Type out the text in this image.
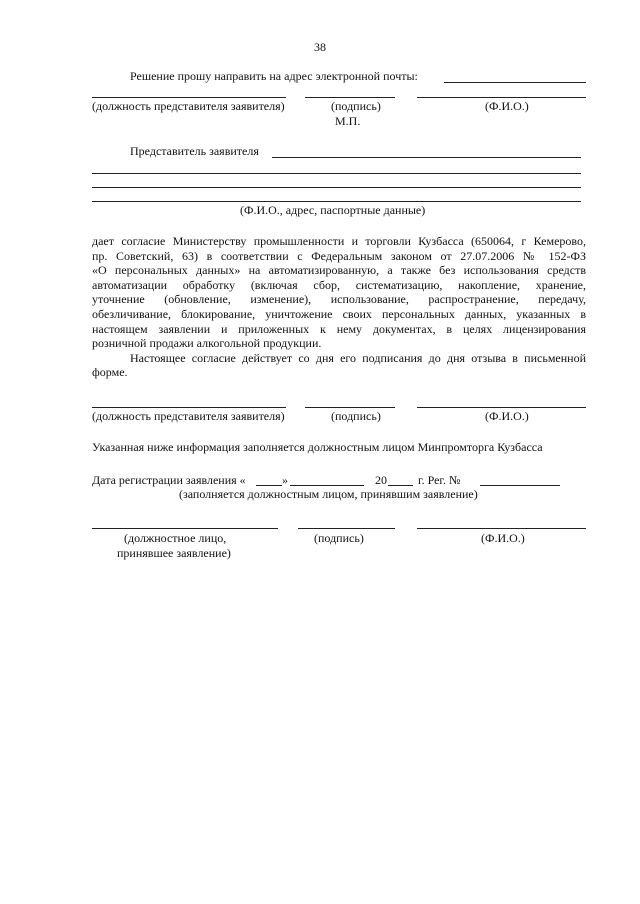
38
Решение прошу направить на адрес электронной почты:
(должность представителя заявителя)	(подпись)	(Ф.И.О.)
М.П.
Представитель заявителя
(Ф.И.О., адрес, паспортные данные)
дает согласие Министерству промышленности и торговли Кузбасса (650064, г Кемерово,
пр. Советский, 63) в соответствии с Федеральным законом от 27.07.2006 № 152-ФЗ
«О персональных данных» на автоматизированную, а также без использования средств
автоматизации обработку (включая сбор, систематизацию, накопление, хранение,
уточнение (обновление, изменение), использование, распространение, передачу,
обезличивание, блокирование, уничтожение своих персональных данных, указанных в
настоящем заявлении и приложенных к нему документах, в целях лицензирования
розничной продажи алкогольной продукции.
Настоящее согласие действует со дня его подписания до дня отзыва в письменной
форме.
(должность представителя заявителя)	(подпись)	(Ф.И.О.)
Указанная ниже информация заполняется должностным лицом Минпромторга Кузбасса
Дата регистрации заявления «	»	20	г. Рег. №
(заполняется должностным лицом, принявшим заявление)
(должностное лицо,
принявшее заявление)
(подпись)	(Ф.И.О.)
